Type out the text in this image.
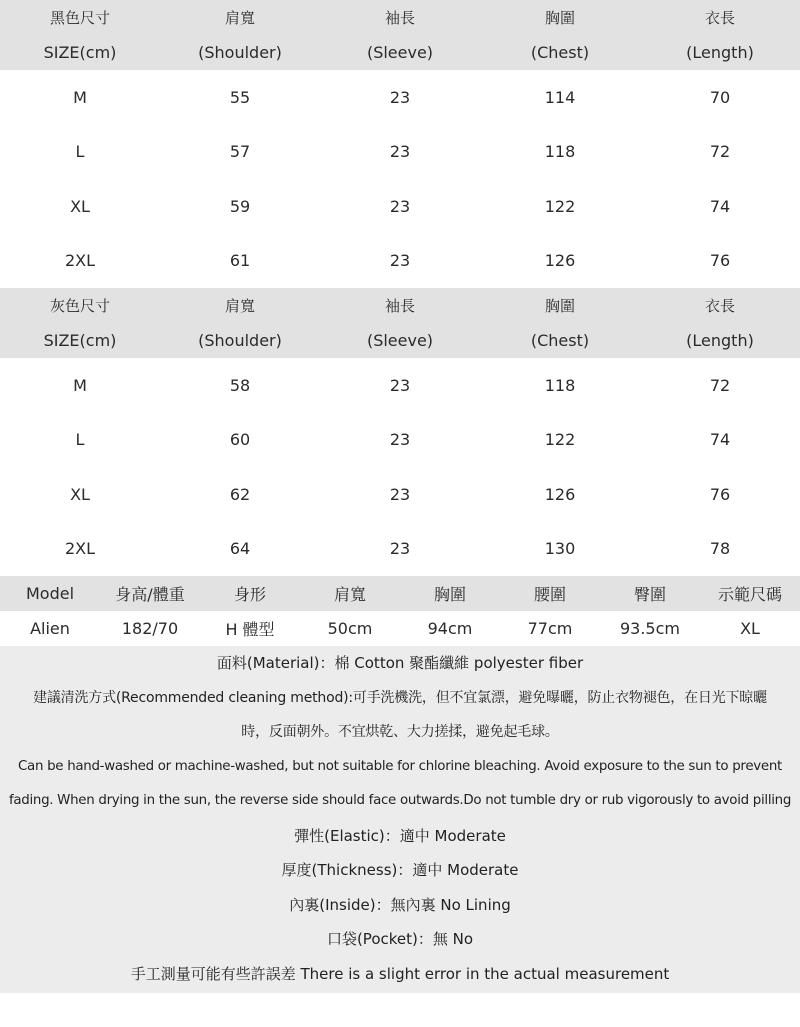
黑色尺寸	肩寬	袖長	胸圍	衣長
SIZE(cm)	(Shoulder)	(Sleeve)	(Chest)	(Length)
M	55	23	114	70
L	57	23	118	72
XL	59	23	122	74
2XL	61	23	126	76
灰色尺寸	肩寬	袖長	胸圍	衣長
SIZE(cm)	(Shoulder)	(Sleeve)	(Chest)	(Length)
M	58	23	118	72
L	60	23	122	74
XL	62	23	126	76
2XL	64	23	130	78
Model	身高/體重	身形	肩寬	胸圍	腰圍	臀圍	示範尺碼
Alien	182/70	H 體型	50cm	94cm	77cm	93.5cm	XL
面料(Material)：棉 Cotton 聚酯纖維 polyester fiber
建議清洗方式(Recommended cleaning method):可手洗機洗，但不宜氯漂，避免曝曬，防止衣物褪色，在日光下晾曬
時，反面朝外。不宜烘乾、大力搓揉，避免起毛球。
Can be hand-washed or machine-washed, but not suitable for chlorine bleaching. Avoid exposure to the sun to prevent
fading. When drying in the sun, the reverse side should face outwards.Do not tumble dry or rub vigorously to avoid pilling
彈性(Elastic)：適中 Moderate
厚度(Thickness)：適中 Moderate
內裏(Inside)：無內裏 No Lining
口袋(Pocket)：無 No
手工測量可能有些許誤差 There is a slight error in the actual measurement
